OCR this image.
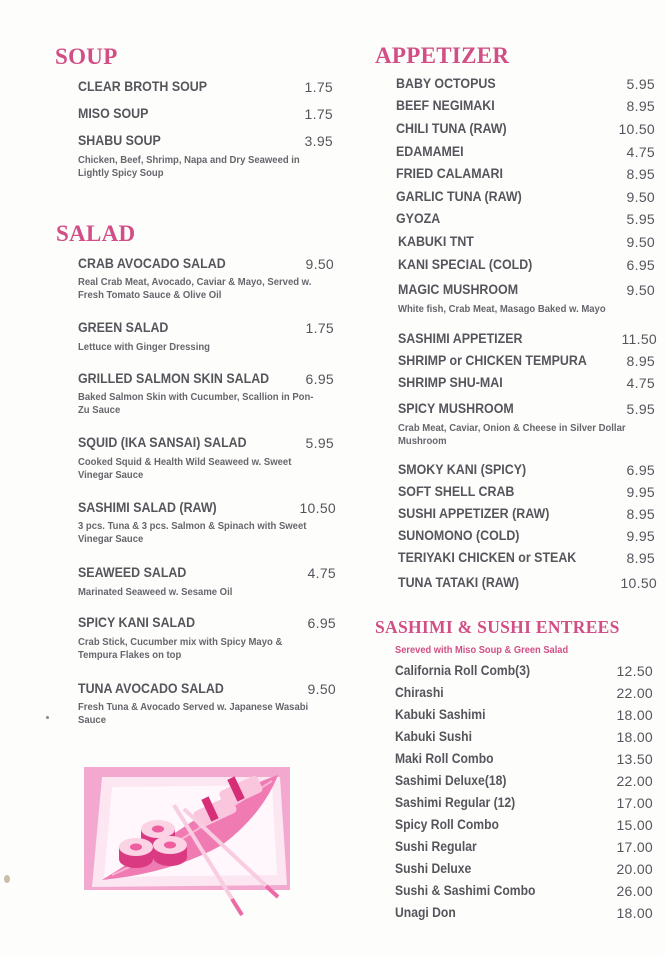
SOUP
CLEAR BROTH SOUP	1.75
MISO SOUP	1.75
SHABU SOUP	3.95
Chicken, Beef, Shrimp, Napa and Dry Seaweed in Lightly Spicy Soup
SALAD
CRAB AVOCADO SALAD	9.50
Real Crab Meat, Avocado, Caviar & Mayo, Served w. Fresh Tomato Sauce & Olive Oil
GREEN SALAD	1.75
Lettuce with Ginger Dressing
GRILLED SALMON SKIN SALAD	6.95
Baked Salmon Skin with Cucumber, Scallion in Pon-Zu Sauce
SQUID (IKA SANSAI) SALAD	5.95
Cooked Squid & Health Wild Seaweed w. Sweet Vinegar Sauce
SASHIMI SALAD (RAW)	10.50
3 pcs. Tuna & 3 pcs. Salmon & Spinach with Sweet Vinegar Sauce
SEAWEED SALAD	4.75
Marinated Seaweed w. Sesame Oil
SPICY KANI SALAD	6.95
Crab Stick, Cucumber mix with Spicy Mayo & Tempura Flakes on top
TUNA AVOCADO SALAD	9.50
Fresh Tuna & Avocado Served w. Japanese Wasabi Sauce
APPETIZER
BABY OCTOPUS	5.95
BEEF NEGIMAKI	8.95
CHILI TUNA (RAW)	10.50
EDAMAMEI	4.75
FRIED CALAMARI	8.95
GARLIC TUNA (RAW)	9.50
GYOZA	5.95
KABUKI TNT	9.50
KANI SPECIAL (COLD)	6.95
MAGIC MUSHROOM	9.50
White fish, Crab Meat, Masago Baked w. Mayo
SASHIMI APPETIZER	11.50
SHRIMP or CHICKEN TEMPURA	8.95
SHRIMP SHU-MAI	4.75
SPICY MUSHROOM	5.95
Crab Meat, Caviar, Onion & Cheese in Silver Dollar Mushroom
SMOKY KANI (SPICY)	6.95
SOFT SHELL CRAB	9.95
SUSHI APPETIZER (RAW)	8.95
SUNOMONO (COLD)	9.95
TERIYAKI CHICKEN or STEAK	8.95
TUNA TATAKI (RAW)	10.50
SASHIMI & SUSHI ENTREES
Sereved with Miso Soup & Green Salad
California Roll Comb(3)	12.50
Chirashi	22.00
Kabuki Sashimi	18.00
Kabuki Sushi	18.00
Maki Roll Combo	13.50
Sashimi Deluxe(18)	22.00
Sashimi Regular (12)	17.00
Spicy Roll Combo	15.00
Sushi Regular	17.00
Sushi Deluxe	20.00
Sushi & Sashimi Combo	26.00
Unagi Don	18.00
